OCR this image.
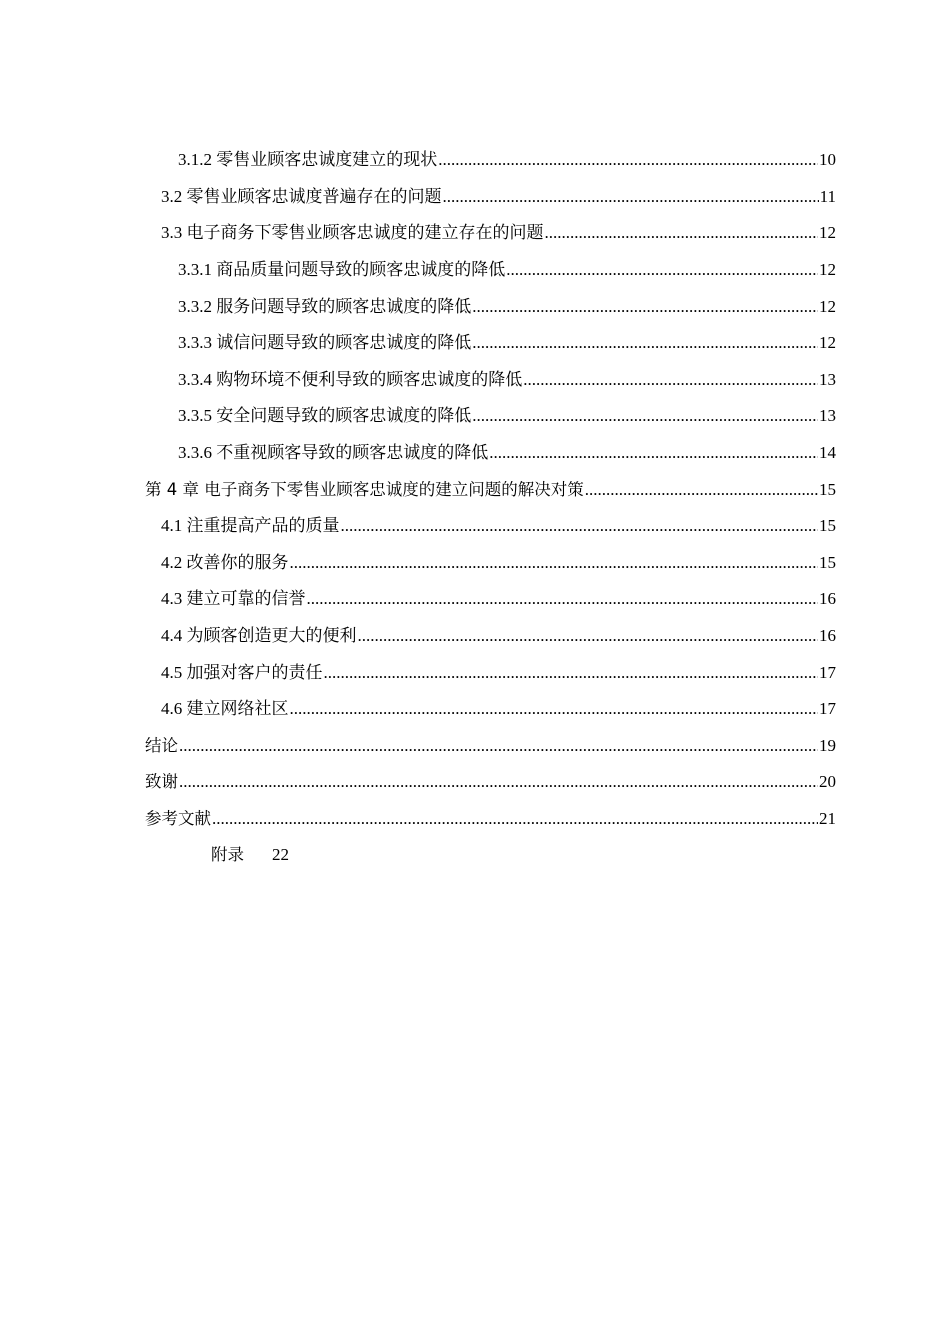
3.1.2 零售业顾客忠诚度建立的现状 .....	10
3.2 零售业顾客忠诚度普遍存在的问题 .....	11
3.3 电子商务下零售业顾客忠诚度的建立存在的问题 .....	12
3.3.1 商品质量问题导致的顾客忠诚度的降低 .....	12
3.3.2 服务问题导致的顾客忠诚度的降低 .....	12
3.3.3 诚信问题导致的顾客忠诚度的降低 .....	12
3.3.4 购物环境不便利导致的顾客忠诚度的降低 .....	13
3.3.5 安全问题导致的顾客忠诚度的降低 .....	13
3.3.6 不重视顾客导致的顾客忠诚度的降低 .....	14
第 4 章 电子商务下零售业顾客忠诚度的建立问题的解决对策 .....	15
4.1 注重提高产品的质量 .....	15
4.2 改善你的服务 .....	15
4.3 建立可靠的信誉 .....	16
4.4 为顾客创造更大的便利 .....	16
4.5 加强对客户的责任 .....	17
4.6 建立网络社区 .....	17
结论 .....	19
致谢 .....	20
参考文献 .....	21
附录 22
